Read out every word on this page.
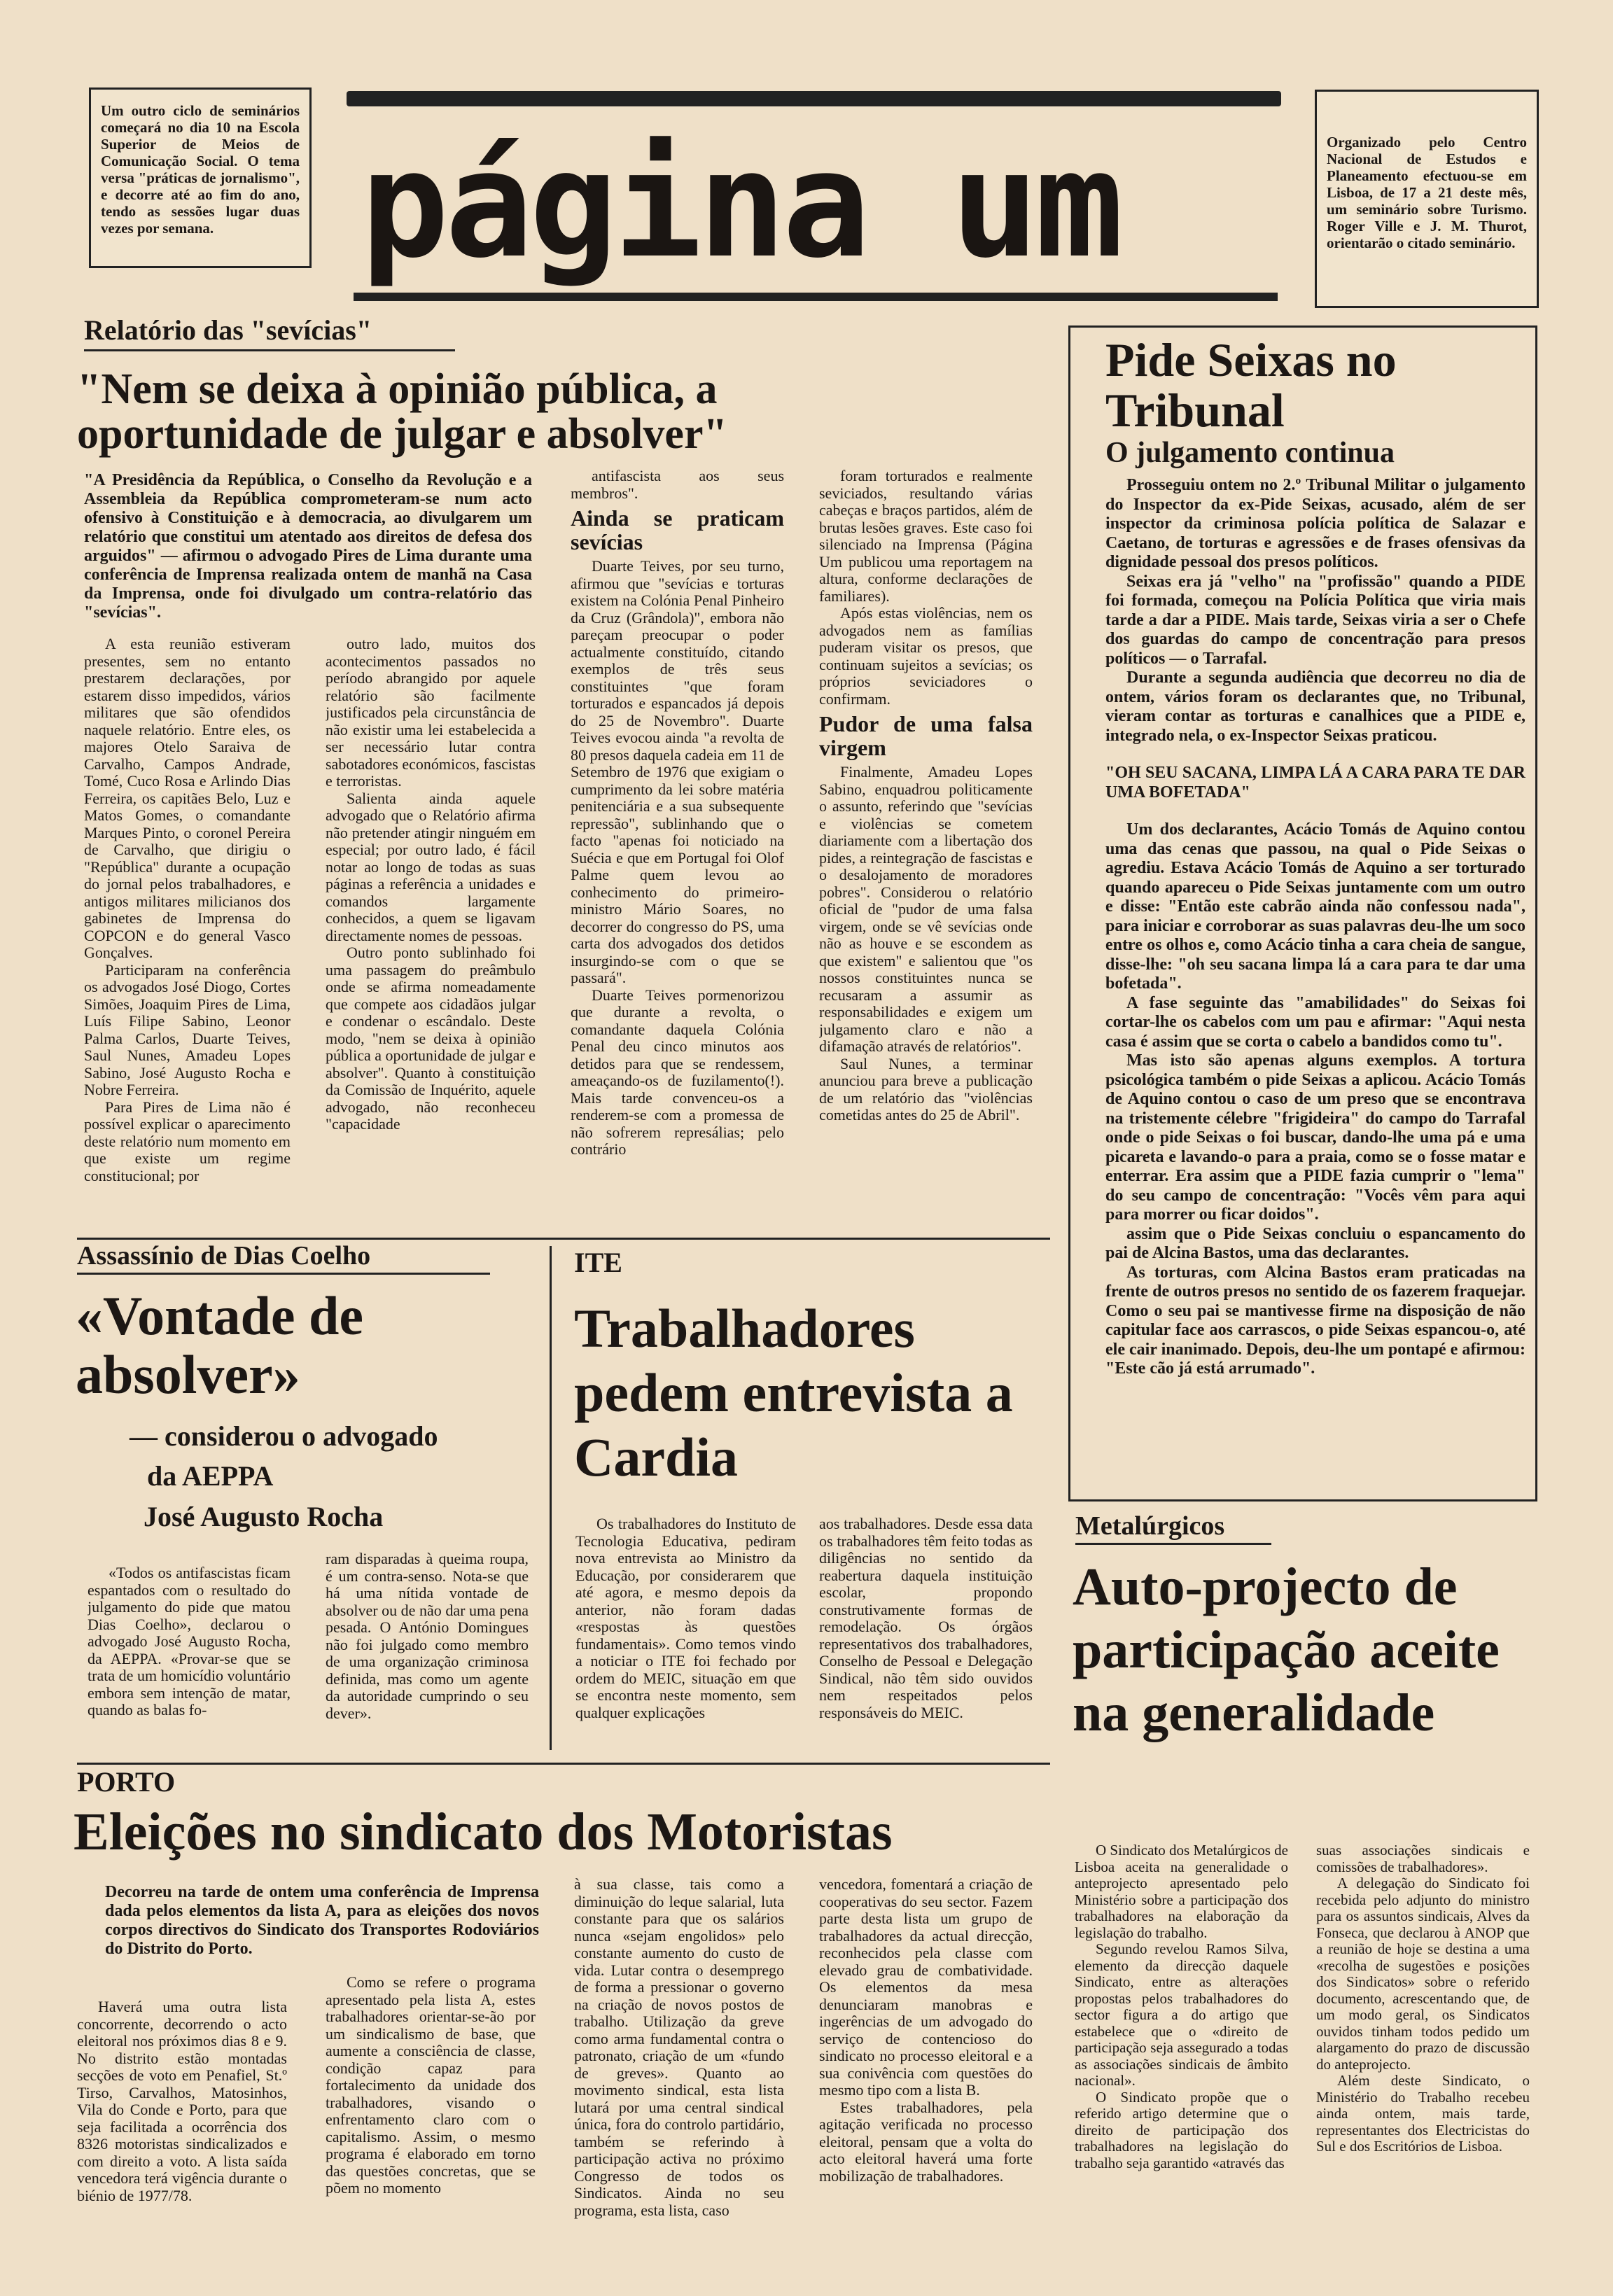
Um outro ciclo de seminários começará no dia 10 na Escola Superior de Meios de Comunicação Social. O tema versa "práticas de jornalismo", e decorre até ao fim do ano, tendo as sessões lugar duas vezes por semana. página um	Organizado pelo Centro Nacional de Estudos e Planeamento efectuou-se em Lisboa, de 17 a 21 deste mês, um seminário sobre Turismo. Roger Ville e J. M. Thurot, orientarão o citado seminário.
Relatório das "sevícias"
"Nem se deixa à opinião pública, a oportunidade de julgar e absolver"
"A Presidência da República, o Conselho da Revolução e a Assembleia da República comprometeram-se num acto ofensivo à Constituição e à democracia, ao divulgarem um relatório que constitui um atentado aos direitos de defesa dos arguidos" — afirmou o advogado Pires de Lima durante uma conferência de Imprensa realizada ontem de manhã na Casa da Imprensa, onde foi divulgado um contra-relatório das "sevícias".

A esta reunião estiveram presentes, sem no entanto prestarem declarações, por estarem disso impedidos, vários militares que são ofendidos naquele relatório. Entre eles, os majores Otelo Saraiva de Carvalho, Campos Andrade, Tomé, Cuco Rosa e Arlindo Dias Ferreira, os capitães Belo, Luz e Matos Gomes, o comandante Marques Pinto, o coronel Pereira de Carvalho, que dirigiu o "República" durante a ocupação do jornal pelos trabalhadores, e antigos militares milicianos dos gabinetes de Imprensa do COPCON e do general Vasco Gonçalves.

Participaram na conferência os advogados José Diogo, Cortes Simões, Joaquim Pires de Lima, Luís Filipe Sabino, Leonor Palma Carlos, Duarte Teives, Saul Nunes, Amadeu Lopes Sabino, José Augusto Rocha e Nobre Ferreira.

Para Pires de Lima não é possível explicar o aparecimento deste relatório num momento em que existe um regime constitucional; por

outro lado, muitos dos acontecimentos passados no período abrangido por aquele relatório são facilmente justificados pela circunstância de não existir uma lei estabelecida a ser necessário lutar contra sabotadores económicos, fascistas e terroristas.

Salienta ainda aquele advogado que o Relatório afirma não pretender atingir ninguém em especial; por outro lado, é fácil notar ao longo de todas as suas páginas a referência a unidades e comandos largamente conhecidos, a quem se ligavam directamente nomes de pessoas.

Outro ponto sublinhado foi uma passagem do preâmbulo onde se afirma nomeadamente que compete aos cidadãos julgar e condenar o escândalo. Deste modo, "nem se deixa à opinião pública a oportunidade de julgar e absolver". Quanto à constituição da Comissão de Inquérito, aquele advogado, não reconheceu "capacidade

antifascista aos seus membros".

Ainda se praticam sevícias

Duarte Teives, por seu turno, afirmou que "sevícias e torturas existem na Colónia Penal Pinheiro da Cruz (Grândola)", embora não pareçam preocupar o poder actualmente constituído, citando exemplos de três seus constituintes "que foram torturados e espancados já depois do 25 de Novembro". Duarte Teives evocou ainda "a revolta de 80 presos daquela cadeia em 11 de Setembro de 1976 que exigiam o cumprimento da lei sobre matéria penitenciária e a sua subsequente repressão", sublinhando que o facto "apenas foi noticiado na Suécia e que em Portugal foi Olof Palme quem levou ao conhecimento do primeiro-ministro Mário Soares, no decorrer do congresso do PS, uma carta dos advogados dos detidos insurgindo-se com o que se passará".

Duarte Teives pormenorizou que durante a revolta, o comandante daquela Colónia Penal deu cinco minutos aos detidos para que se rendessem, ameaçando-os de fuzilamento(!). Mais tarde convenceu-os a renderem-se com a promessa de não sofrerem represálias; pelo contrário

foram torturados e realmente seviciados, resultando várias cabeças e braços partidos, além de brutas lesões graves. Este caso foi silenciado na Imprensa (Página Um publicou uma reportagem na altura, conforme declarações de familiares).

Após estas violências, nem os advogados nem as famílias puderam visitar os presos, que continuam sujeitos a sevícias; os próprios seviciadores o confirmam.

Pudor de uma falsa virgem

Finalmente, Amadeu Lopes Sabino, enquadrou politicamente o assunto, referindo que "sevícias e violências se cometem diariamente com a libertação dos pides, a reintegração de fascistas e o desalojamento de moradores pobres". Considerou o relatório oficial de "pudor de uma falsa virgem, onde se vê sevícias onde não as houve e se escondem as que existem" e salientou que "os nossos constituintes nunca se recusaram a assumir as responsabilidades e exigem um julgamento claro e não a difamação através de relatórios".

Saul Nunes, a terminar anunciou para breve a publicação de um relatório das "violências cometidas antes do 25 de Abril".

Pide Seixas no Tribunal
O julgamento continua

Prosseguiu ontem no 2.º Tribunal Militar o julgamento do Inspector da ex-Pide Seixas, acusado, além de ser inspector da criminosa polícia política de Salazar e Caetano, de torturas e agressões e de frases ofensivas da dignidade pessoal dos presos políticos.

Seixas era já "velho" na "profissão" quando a PIDE foi formada, começou na Polícia Política que viria mais tarde a dar a PIDE. Mais tarde, Seixas viria a ser o Chefe dos guardas do campo de concentração para presos políticos — o Tarrafal.

Durante a segunda audiência que decorreu no dia de ontem, vários foram os declarantes que, no Tribunal, vieram contar as torturas e canalhices que a PIDE e, integrado nela, o ex-Inspector Seixas praticou.

"OH SEU SACANA, LIMPA LÁ A CARA PARA TE DAR UMA BOFETADA"

Um dos declarantes, Acácio Tomás de Aquino contou uma das cenas que passou, na qual o Pide Seixas o agrediu. Estava Acácio Tomás de Aquino a ser torturado quando apareceu o Pide Seixas juntamente com um outro e disse: "Então este cabrão ainda não confessou nada", para iniciar e corroborar as suas palavras deu-lhe um soco entre os olhos e, como Acácio tinha a cara cheia de sangue, disse-lhe: "oh seu sacana limpa lá a cara para te dar uma bofetada".

A fase seguinte das "amabilidades" do Seixas foi cortar-lhe os cabelos com um pau e afirmar: "Aqui nesta casa é assim que se corta o cabelo a bandidos como tu".

Mas isto são apenas alguns exemplos. A tortura psicológica também o pide Seixas a aplicou. Acácio Tomás de Aquino contou o caso de um preso que se encontrava na tristemente célebre "frigideira" do campo do Tarrafal onde o pide Seixas o foi buscar, dando-lhe uma pá e uma picareta e lavando-o para a praia, como se o fosse matar e enterrar. Era assim que a PIDE fazia cumprir o "lema" do seu campo de concentração: "Vocês vêm para aqui para morrer ou ficar doidos".

assim que o Pide Seixas concluiu o espancamento do pai de Alcina Bastos, uma das declarantes.

As torturas, com Alcina Bastos eram praticadas na frente de outros presos no sentido de os fazerem fraquejar. Como o seu pai se mantivesse firme na disposição de não capitular face aos carrascos, o pide Seixas espancou-o, até ele cair inanimado. Depois, deu-lhe um pontapé e afirmou: "Este cão já está arrumado".

Assassínio de Dias Coelho
«Vontade de absolver»
— considerou o advogado
da AEPPA
José Augusto Rocha

«Todos os antifascistas ficam espantados com o resultado do julgamento do pide que matou Dias Coelho», declarou o advogado José Augusto Rocha, da AEPPA. «Provar-se que se trata de um homicídio voluntário embora sem intenção de matar, quando as balas fo-

ram disparadas à queima roupa, é um contra-senso. Nota-se que há uma nítida vontade de absolver ou de não dar uma pena pesada. O António Domingues não foi julgado como membro de uma organização criminosa definida, mas como um agente da autoridade cumprindo o seu dever».

ITE
Trabalhadores pedem entrevista a Cardia

Os trabalhadores do Instituto de Tecnologia Educativa, pediram nova entrevista ao Ministro da Educação, por considerarem que até agora, e mesmo depois da anterior, não foram dadas «respostas às questões fundamentais». Como temos vindo a noticiar o ITE foi fechado por ordem do MEIC, situação em que se encontra neste momento, sem qualquer explicações

aos trabalhadores. Desde essa data os trabalhadores têm feito todas as diligências no sentido da reabertura daquela instituição escolar, propondo construtivamente formas de remodelação. Os órgãos representativos dos trabalhadores, Conselho de Pessoal e Delegação Sindical, não têm sido ouvidos nem respeitados pelos responsáveis do MEIC.

Metalúrgicos
Auto-projecto de participação aceite na generalidade

O Sindicato dos Metalúrgicos de Lisboa aceita na generalidade o anteprojecto apresentado pelo Ministério sobre a participação dos trabalhadores na elaboração da legislação do trabalho.

Segundo revelou Ramos Silva, elemento da direcção daquele Sindicato, entre as alterações propostas pelos trabalhadores do sector figura a do artigo que estabelece que o «direito de participação seja assegurado a todas as associações sindicais de âmbito nacional».

O Sindicato propõe que o referido artigo determine que o direito de participação dos trabalhadores na legislação do trabalho seja garantido «através das

suas associações sindicais e comissões de trabalhadores».

A delegação do Sindicato foi recebida pelo adjunto do ministro para os assuntos sindicais, Alves da Fonseca, que declarou à ANOP que a reunião de hoje se destina a uma «recolha de sugestões e posições dos Sindicatos» sobre o referido documento, acrescentando que, de um modo geral, os Sindicatos ouvidos tinham todos pedido um alargamento do prazo de discussão do anteprojecto.

Além deste Sindicato, o Ministério do Trabalho recebeu ainda ontem, mais tarde, representantes dos Electricistas do Sul e dos Escritórios de Lisboa.

PORTO
Eleições no sindicato dos Motoristas
Decorreu na tarde de ontem uma conferência de Imprensa dada pelos elementos da lista A, para as eleições dos novos corpos directivos do Sindicato dos Transportes Rodoviários do Distrito do Porto.

Haverá uma outra lista concorrente, decorrendo o acto eleitoral nos próximos dias 8 e 9. No distrito estão montadas secções de voto em Penafiel, St.º Tirso, Carvalhos, Matosinhos, Vila do Conde e Porto, para que seja facilitada a ocorrência dos 8326 motoristas sindicalizados e com direito a voto. A lista saída vencedora terá vigência durante o biénio de 1977/78.

Como se refere o programa apresentado pela lista A, estes trabalhadores orientar-se-ão por um sindicalismo de base, que aumente a consciência de classe, condição capaz para fortalecimento da unidade dos trabalhadores, visando o enfrentamento claro com o capitalismo. Assim, o mesmo programa é elaborado em torno das questões concretas, que se põem no momento

à sua classe, tais como a diminuição do leque salarial, luta constante para que os salários nunca «sejam engolidos» pelo constante aumento do custo de vida. Lutar contra o desemprego de forma a pressionar o governo na criação de novos postos de trabalho. Utilização da greve como arma fundamental contra o patronato, criação de um «fundo de greves». Quanto ao movimento sindical, esta lista lutará por uma central sindical única, fora do controlo partidário, também se referindo à participação activa no próximo Congresso de todos os Sindicatos. Ainda no seu programa, esta lista, caso

vencedora, fomentará a criação de cooperativas do seu sector. Fazem parte desta lista um grupo de trabalhadores da actual direcção, reconhecidos pela classe com elevado grau de combatividade. Os elementos da mesa denunciaram manobras e ingerências de um advogado do serviço de contencioso do sindicato no processo eleitoral e a sua conivência com questões do mesmo tipo com a lista B.

Estes trabalhadores, pela agitação verificada no processo eleitoral, pensam que a volta do acto eleitoral haverá uma forte mobilização de trabalhadores.
